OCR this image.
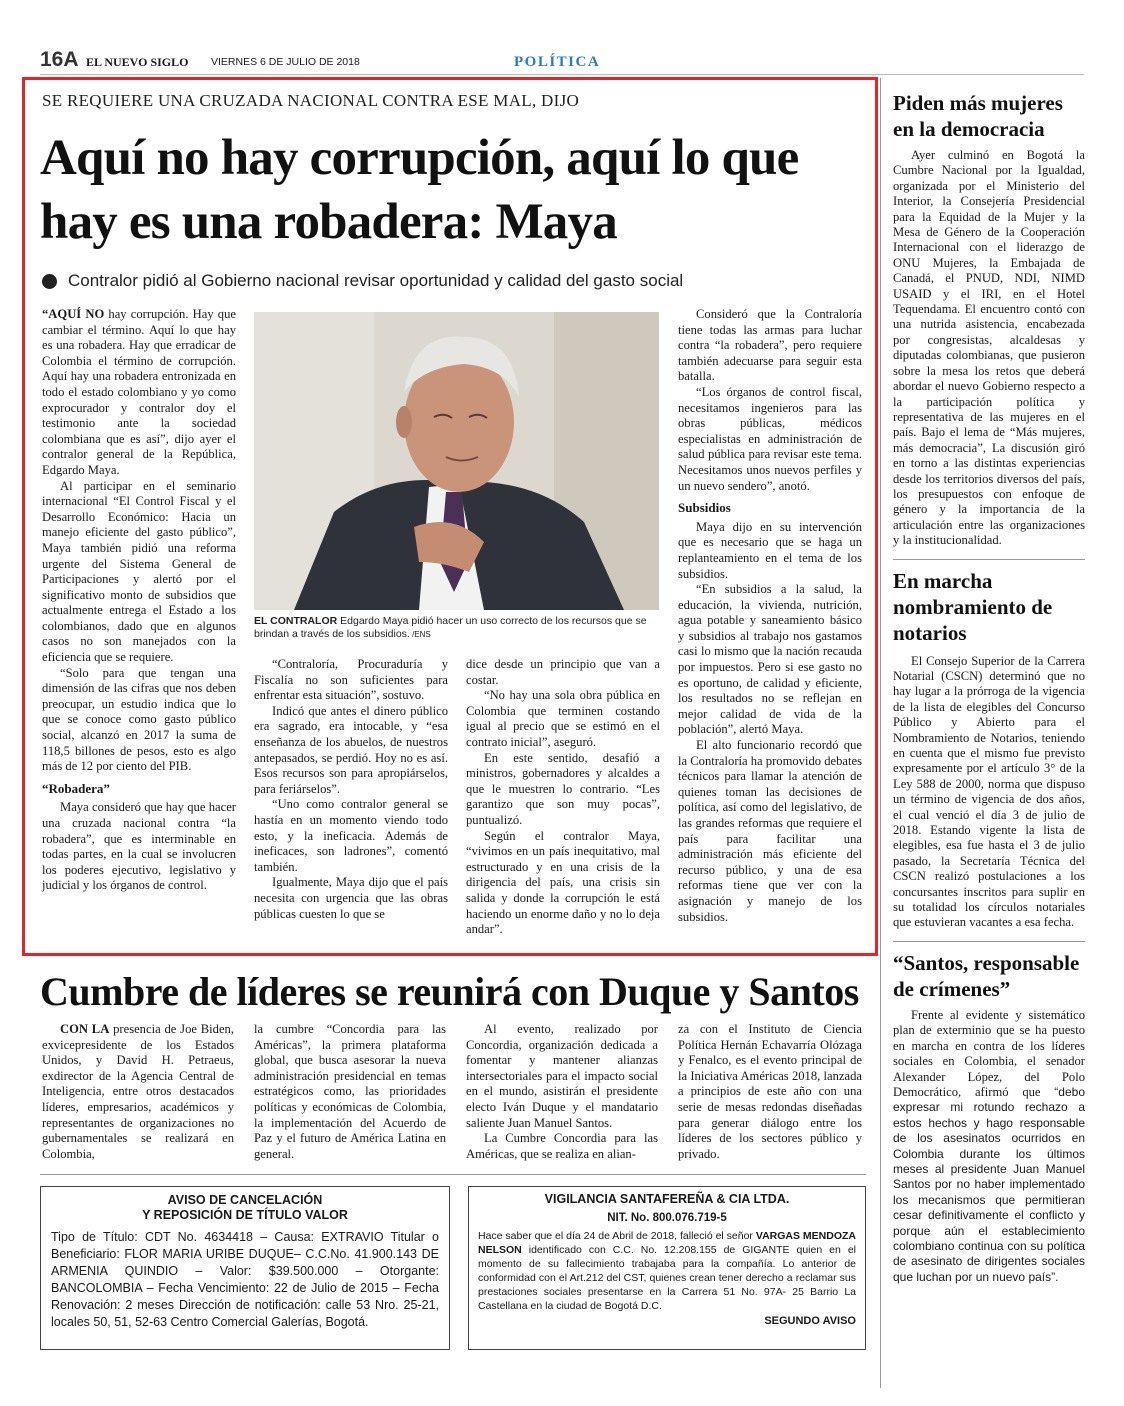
16A EL NUEVO SIGLO VIERNES 6 DE JULIO DE 2018	POLÍTICA
SE REQUIERE UNA CRUZADA NACIONAL CONTRA ESE MAL, DIJO
Aquí no hay corrupción, aquí lo que hay es una robadera: Maya
Contralor pidió al Gobierno nacional revisar oportunidad y calidad del gasto social

“AQUÍ NO hay corrupción. Hay que cambiar el término. Aquí lo que hay es una robadera. Hay que erradicar de Colombia el término de corrupción. Aquí hay una robadera entronizada en todo el estado colombiano y yo como exprocurador y contralor doy el testimonio ante la sociedad colombiana que es así”, dijo ayer el contralor general de la República, Edgardo Maya.

Al participar en el seminario internacional “El Control Fiscal y el Desarrollo Económico: Hacia un manejo eficiente del gasto público”, Maya también pidió una reforma urgente del Sistema General de Participaciones y alertó por el significativo monto de subsidios que actualmente entrega el Estado a los colombianos, dado que en algunos casos no son manejados con la eficiencia que se requiere.

“Solo para que tengan una dimensión de las cifras que nos deben preocupar, un estudio indica que lo que se conoce como gasto público social, alcanzó en 2017 la suma de 118,5 billones de pesos, esto es algo más de 12 por ciento del PIB.

“Robadera”

Maya consideró que hay que hacer una cruzada nacional contra “la robadera”, que es interminable en todas partes, en la cual se involucren los poderes ejecutivo, legislativo y judicial y los órganos de control.

EL CONTRALOR Edgardo Maya pidió hacer un uso correcto de los recursos que se brindan a través de los subsidios. /ENS

“Contraloría, Procuraduría y Fiscalía no son suficientes para enfrentar esta situación”, sostuvo.

Indicó que antes el dinero público era sagrado, era intocable, y “esa enseñanza de los abuelos, de nuestros antepasados, se perdió. Hoy no es así. Esos recursos son para apropiárselos, para feriárselos”.

“Uno como contralor general se hastía en un momento viendo todo esto, y la ineficacia. Además de ineficaces, son ladrones”, comentó también.

Igualmente, Maya dijo que el país necesita con urgencia que las obras públicas cuesten lo que se

dice desde un principio que van a costar.

“No hay una sola obra pública en Colombia que terminen costando igual al precio que se estimó en el contrato inicial”, aseguró.

En este sentido, desafió a ministros, gobernadores y alcaldes a que le muestren lo contrario. “Les garantizo que son muy pocas”, puntualizó.

Según el contralor Maya, “vivimos en un país inequitativo, mal estructurado y en una crisis de la dirigencia del país, una crisis sin salida y donde la corrupción le está haciendo un enorme daño y no lo deja andar”.

Consideró que la Contraloría tiene todas las armas para luchar contra “la robadera”, pero requiere también adecuarse para seguir esta batalla.

“Los órganos de control fiscal, necesitamos ingenieros para las obras públicas, médicos especialistas en administración de salud pública para revisar este tema. Necesitamos unos nuevos perfiles y un nuevo sendero”, anotó.

Subsidios

Maya dijo en su intervención que es necesario que se haga un replanteamiento en el tema de los subsidios.

“En subsidios a la salud, la educación, la vivienda, nutrición, agua potable y saneamiento básico y subsidios al trabajo nos gastamos casi lo mismo que la nación recauda por impuestos. Pero si ese gasto no es oportuno, de calidad y eficiente, los resultados no se reflejan en mejor calidad de vida de la población”, alertó Maya.

El alto funcionario recordó que la Contraloría ha promovido debates técnicos para llamar la atención de quienes toman las decisiones de política, así como del legislativo, de las grandes reformas que requiere el país para facilitar una administración más eficiente del recurso público, y una de esa reformas tiene que ver con la asignación y manejo de los subsidios.

Cumbre de líderes se reunirá con Duque y Santos

CON LA presencia de Joe Biden, exvicepresidente de los Estados Unidos, y David H. Petraeus, exdirector de la Agencia Central de Inteligencia, entre otros destacados líderes, empresarios, académicos y representantes de organizaciones no gubernamentales se realizará en Colombia,

la cumbre “Concordia para las Américas”, la primera plataforma global, que busca asesorar la nueva administración presidencial en temas estratégicos como, las prioridades políticas y económicas de Colombia, la implementación del Acuerdo de Paz y el futuro de América Latina en general.

Al evento, realizado por Concordia, organización dedicada a fomentar y mantener alianzas intersectoriales para el impacto social en el mundo, asistirán el presidente electo Iván Duque y el mandatario saliente Juan Manuel Santos.

La Cumbre Concordia para las Américas, que se realiza en alian-

za con el Instituto de Ciencia Política Hernán Echavarría Olózaga y Fenalco, es el evento principal de la Iniciativa Américas 2018, lanzada a principios de este año con una serie de mesas redondas diseñadas para generar diálogo entre los líderes de los sectores público y privado.

AVISO DE CANCELACIÓN
Y REPOSICIÓN DE TÍTULO VALOR
Tipo de Título: CDT No. 4634418 – Causa: EXTRAVIO Titular o Beneficiario: FLOR MARIA URIBE DUQUE– C.C.No. 41.900.143 DE ARMENIA QUINDIO – Valor: $39.500.000 – Otorgante: BANCOLOMBIA – Fecha Vencimiento: 22 de Julio de 2015 – Fecha Renovación: 2 meses Dirección de notificación: calle 53 Nro. 25-21, locales 50, 51, 52-63 Centro Comercial Galerías, Bogotá.
VIGILANCIA SANTAFEREÑA & CIA LTDA.
NIT. No. 800.076.719-5
Hace saber que el día 24 de Abril de 2018, falleció el señor VARGAS MENDOZA NELSON identificado con C.C. No. 12.208.155 de GIGANTE quien en el momento de su fallecimiento trabajaba para la compañía. Lo anterior de conformidad con el Art.212 del CST, quienes crean tener derecho a reclamar sus prestaciones sociales presentarse en la Carrera 51 No. 97A- 25 Barrio La Castellana en la ciudad de Bogotá D.C.
SEGUNDO AVISO
Piden más mujeres en la democracia

Ayer culminó en Bogotá la Cumbre Nacional por la Igualdad, organizada por el Ministerio del Interior, la Consejería Presidencial para la Equidad de la Mujer y la Mesa de Género de la Cooperación Internacional con el liderazgo de ONU Mujeres, la Embajada de Canadá, el PNUD, NDI, NIMD USAID y el IRI, en el Hotel Tequendama. El encuentro contó con una nutrida asistencia, encabezada por congresistas, alcaldesas y diputadas colombianas, que pusieron sobre la mesa los retos que deberá abordar el nuevo Gobierno respecto a la participación política y representativa de las mujeres en el país. Bajo el lema de “Más mujeres, más democracia”, La discusión giró en torno a las distintas experiencias desde los territorios diversos del país, los presupuestos con enfoque de género y la importancia de la articulación entre las organizaciones y la institucionalidad.

En marcha nombramiento de notarios

El Consejo Superior de la Carrera Notarial (CSCN) determinó que no hay lugar a la prórroga de la vigencia de la lista de elegibles del Concurso Público y Abierto para el Nombramiento de Notarios, teniendo en cuenta que el mismo fue previsto expresamente por el artículo 3° de la Ley 588 de 2000, norma que dispuso un término de vigencia de dos años, el cual venció el día 3 de julio de 2018. Estando vigente la lista de elegibles, esa fue hasta el 3 de julio pasado, la Secretaría Técnica del CSCN realizó postulaciones a los concursantes inscritos para suplir en su totalidad los círculos notariales que estuvieran vacantes a esa fecha.

“Santos, responsable de crímenes”

Frente al evidente y sistemático plan de exterminio que se ha puesto en marcha en contra de los líderes sociales en Colombia, el senador Alexander López, del Polo Democrático, afirmó que “debo expresar mi rotundo rechazo a estos hechos y hago responsable de los asesinatos ocurridos en Colombia durante los últimos meses al presidente Juan Manuel Santos por no haber implementado los mecanismos que permitieran cesar definitivamente el conflicto y porque aún el establecimiento colombiano continua con su política de asesinato de dirigentes sociales que luchan por un nuevo país”.
